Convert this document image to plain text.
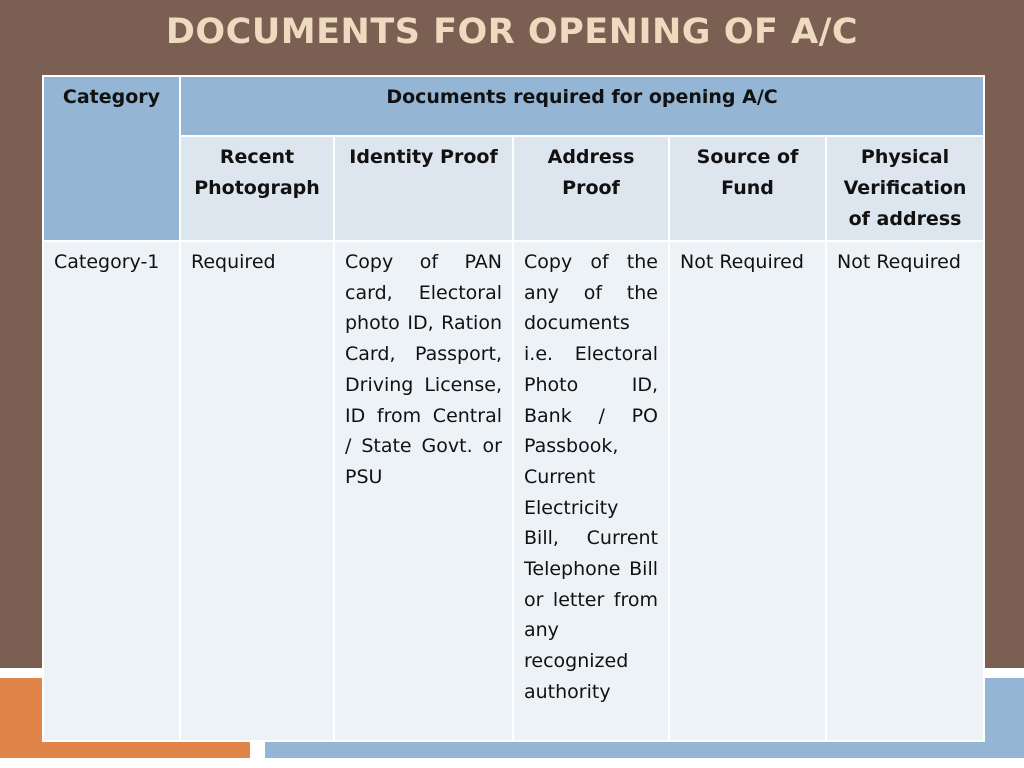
DOCUMENTS FOR OPENING OF A/C
Category	Documents required for opening A/C				
	Recent Photograph	Identity Proof	Address Proof	Source of Fund	Physical Verification of address
Category-1	Required	Copy of PAN card, Electoral photo ID, Ration Card, Passport, Driving License, ID from Central / State Govt. or PSU	Copy of the any of the documents i.e. Electoral Photo ID, Bank / PO Passbook, Current Electricity Bill, Current Telephone Bill or letter from any recognized authority	Not Required	Not Required
